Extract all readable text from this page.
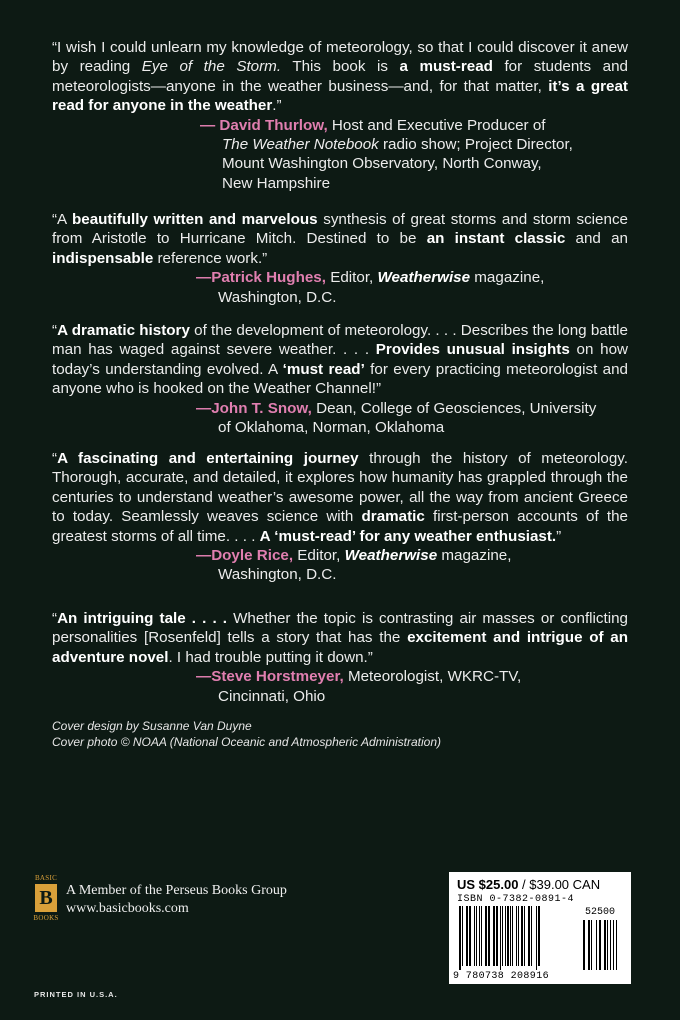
“I wish I could unlearn my knowledge of meteorology, so that I could discover it anew by reading Eye of the Storm. This book is a must-read for students and meteorologists—anyone in the weather business—and, for that matter, it’s a great read for anyone in the weather.”

— David Thurlow, Host and Executive Producer of
The Weather Notebook radio show; Project Director,
Mount Washington Observatory, North Conway,
New Hampshire

“A beautifully written and marvelous synthesis of great storms and storm science from Aristotle to Hurricane Mitch. Destined to be an instant classic and an indispensable reference work.”

—Patrick Hughes, Editor, Weatherwise magazine,
Washington, D.C.

“A dramatic history of the development of meteorology. . . . Describes the long battle man has waged against severe weather. . . . Provides unusual insights on how today’s understanding evolved. A ‘must read’ for every practicing meteorologist and anyone who is hooked on the Weather Channel!”

—John T. Snow, Dean, College of Geosciences, University
of Oklahoma, Norman, Oklahoma

“A fascinating and entertaining journey through the history of meteorology. Thorough, accurate, and detailed, it explores how humanity has grappled through the centuries to understand weather’s awesome power, all the way from ancient Greece to today. Seamlessly weaves science with dramatic first-person accounts of the greatest storms of all time. . . . A ‘must-read’ for any weather enthusiast.”

—Doyle Rice, Editor, Weatherwise magazine,
Washington, D.C.

“An intriguing tale . . . . Whether the topic is contrasting air masses or conflicting personalities [Rosenfeld] tells a story that has the excitement and intrigue of an adventure novel. I had trouble putting it down.”

—Steve Horstmeyer, Meteorologist, WKRC-TV,
Cincinnati, Ohio
Cover design by Susanne Van Duyne
Cover photo © NOAA (National Oceanic and Atmospheric Administration)
BASIC
B
BOOKS
A Member of the Perseus Books Group
www.basicbooks.com
PRINTED IN U.S.A.
US $25.00 / $39.00 CAN
ISBN 0-7382-0891-4
52500
9 780738 208916
